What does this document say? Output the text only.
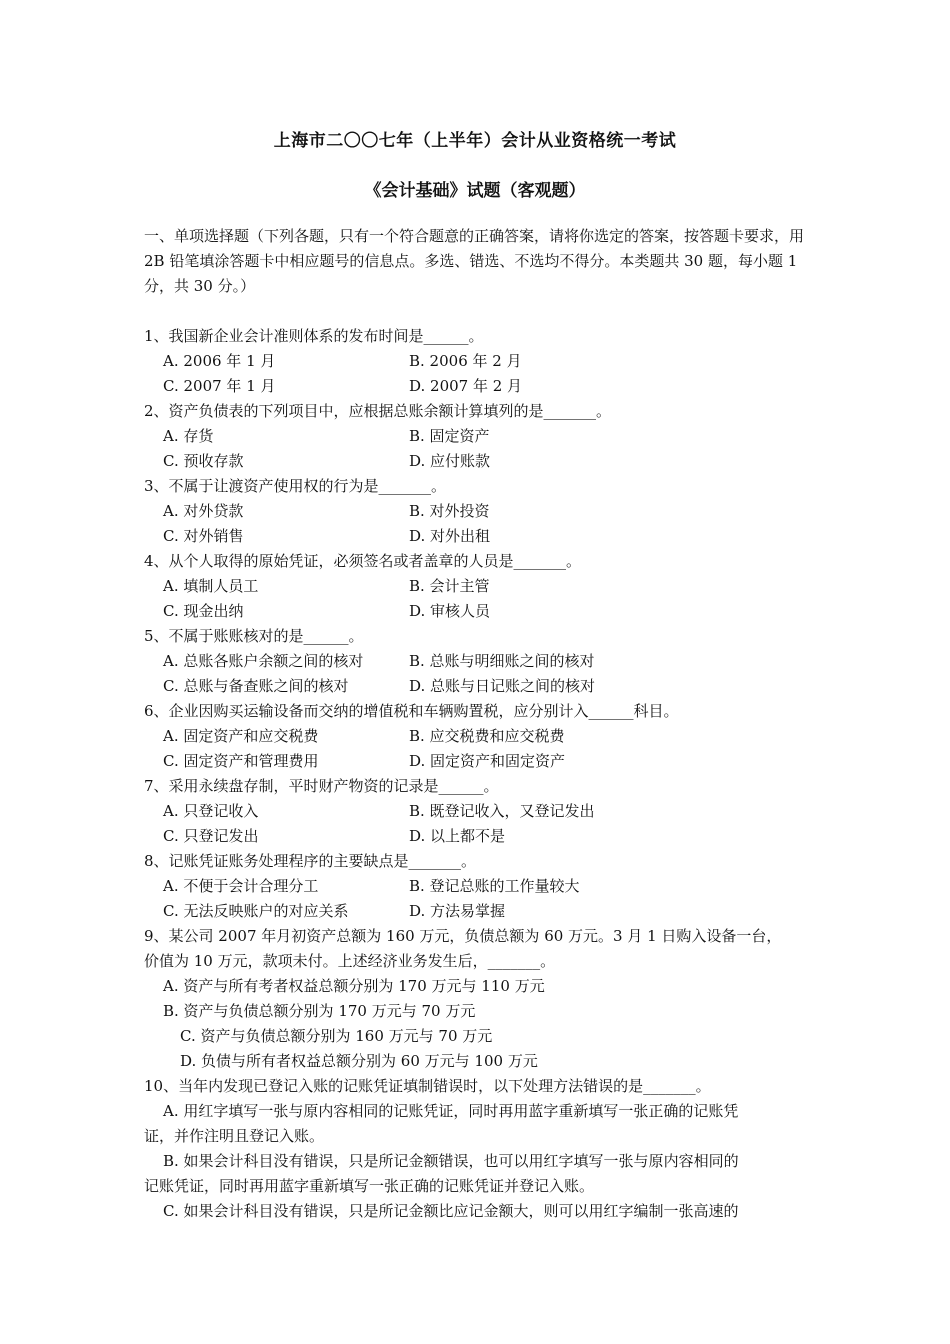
上海市二〇〇七年（上半年）会计从业资格统一考试
《会计基础》试题（客观题）
一、单项选择题（下列各题，只有一个符合题意的正确答案，请将你选定的答案，按答题卡要求，用 2B 铅笔填涂答题卡中相应题号的信息点。多选、错选、不选均不得分。本类题共 30 题，每小题 1 分，共 30 分。）
1、我国新企业会计准则体系的发布时间是______。
A. 2006 年 1 月	B. 2006 年 2 月
C. 2007 年 1 月	D. 2007 年 2 月
2、资产负债表的下列项目中，应根据总账余额计算填列的是_______。
A. 存货	B. 固定资产
C. 预收存款	D. 应付账款
3、不属于让渡资产使用权的行为是_______。
A. 对外贷款	B. 对外投资
C. 对外销售	D. 对外出租
4、从个人取得的原始凭证，必须签名或者盖章的人员是_______。
A. 填制人员工	B. 会计主管
C. 现金出纳	D. 审核人员
5、不属于账账核对的是______。
A. 总账各账户余额之间的核对	B. 总账与明细账之间的核对
C. 总账与备查账之间的核对	D. 总账与日记账之间的核对
6、企业因购买运输设备而交纳的增值税和车辆购置税，应分别计入______科目。
A. 固定资产和应交税费	B. 应交税费和应交税费
C. 固定资产和管理费用	D. 固定资产和固定资产
7、采用永续盘存制，平时财产物资的记录是______。
A. 只登记收入	B. 既登记收入，又登记发出
C. 只登记发出	D. 以上都不是
8、记账凭证账务处理程序的主要缺点是_______。
A. 不便于会计合理分工	B. 登记总账的工作量较大
C. 无法反映账户的对应关系	D. 方法易掌握
9、某公司 2007 年月初资产总额为 160 万元，负债总额为 60 万元。3 月 1 日购入设备一台，
价值为 10 万元，款项未付。上述经济业务发生后，_______。
A. 资产与所有考者权益总额分别为 170 万元与 110 万元
B. 资产与负债总额分别为 170 万元与 70 万元
C. 资产与负债总额分别为 160 万元与 70 万元
D. 负债与所有者权益总额分别为 60 万元与 100 万元
10、当年内发现已登记入账的记账凭证填制错误时，以下处理方法错误的是_______。
A. 用红字填写一张与原内容相同的记账凭证，同时再用蓝字重新填写一张正确的记账凭
证，并作注明且登记入账。
B. 如果会计科目没有错误，只是所记金额错误，也可以用红字填写一张与原内容相同的
记账凭证，同时再用蓝字重新填写一张正确的记账凭证并登记入账。
C. 如果会计科目没有错误，只是所记金额比应记金额大，则可以用红字编制一张高速的
